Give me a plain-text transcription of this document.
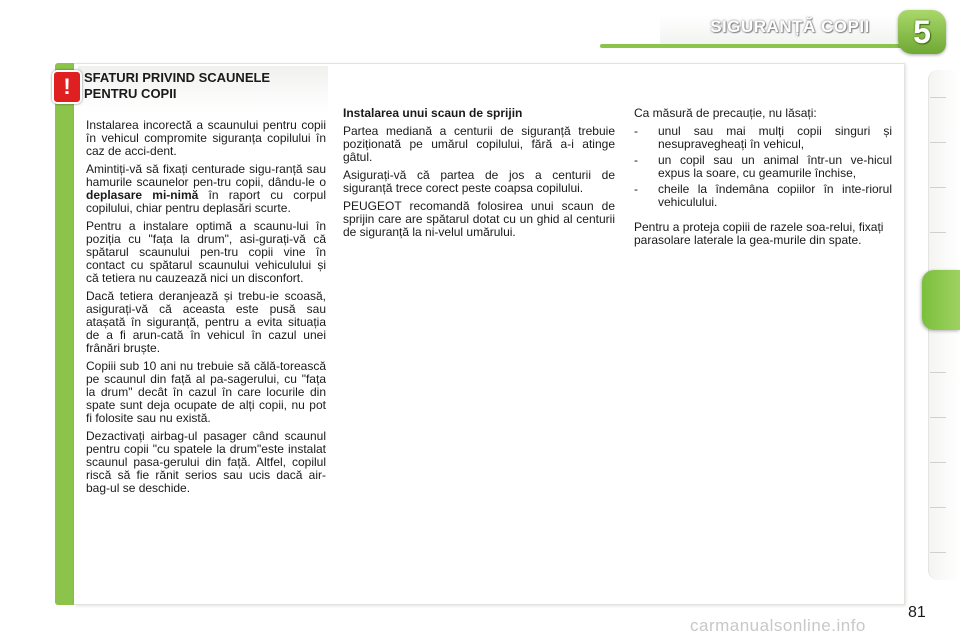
SIGURANȚĂ COPII	5
!	SFATURI PRIVIND SCAUNELE
PENTRU COPII

Instalarea incorectă a scaunului pentru copii în vehicul compromite siguranța copilului în caz de acci-dent.

Amintiți-vă să fixați centurade sigu-ranță sau hamurile scaunelor pen-tru copii, dându-le o deplasare mi-nimă în raport cu corpul copilului, chiar pentru deplasări scurte.

Pentru a instalare optimă a scaunu-lui în poziția cu "fața la drum", asi-gurați-vă că spătarul scaunului pen-tru copii vine în contact cu spătarul scaunului vehiculului și că tetiera nu cauzează nici un disconfort.

Dacă tetiera deranjează și trebu-ie scoasă, asigurați-vă că aceasta este pusă sau atașată în siguranță, pentru a evita situația de a fi arun-cată în vehicul în cazul unei frânări bruște.

Copiii sub 10 ani nu trebuie să călă-torească pe scaunul din față al pa-sagerului, cu "fața la drum" decât în cazul în care locurile din spate sunt deja ocupate de alți copii, nu pot fi folosite sau nu există.

Dezactivați airbag-ul pasager când scaunul pentru copii "cu spatele la drum"este instalat scaunul pasa-gerului din față. Altfel, copilul riscă să fie rănit serios sau ucis dacă air-bag-ul se deschide.

Instalarea unui scaun de sprijin

Partea mediană a centurii de siguranță trebuie poziționată pe umărul copilului, fără a-i atinge gâtul.

Asigurați-vă că partea de jos a centurii de siguranță trece corect peste coapsa copilului.

PEUGEOT recomandă folosirea unui scaun de sprijin care are spătarul dotat cu un ghid al centurii de siguranță la ni-velul umărului.

Ca măsură de precauție, nu lăsați:

- unul sau mai mulți copii singuri și nesupravegheați în vehicul,
- un copil sau un animal într-un ve-hicul expus la soare, cu geamurile închise,
- cheile la îndemâna copiilor în inte-riorul vehiculului.

Pentru a proteja copiii de razele soa-relui, fixați parasolare laterale la gea-murile din spate.

81
carmanualsonline.info
